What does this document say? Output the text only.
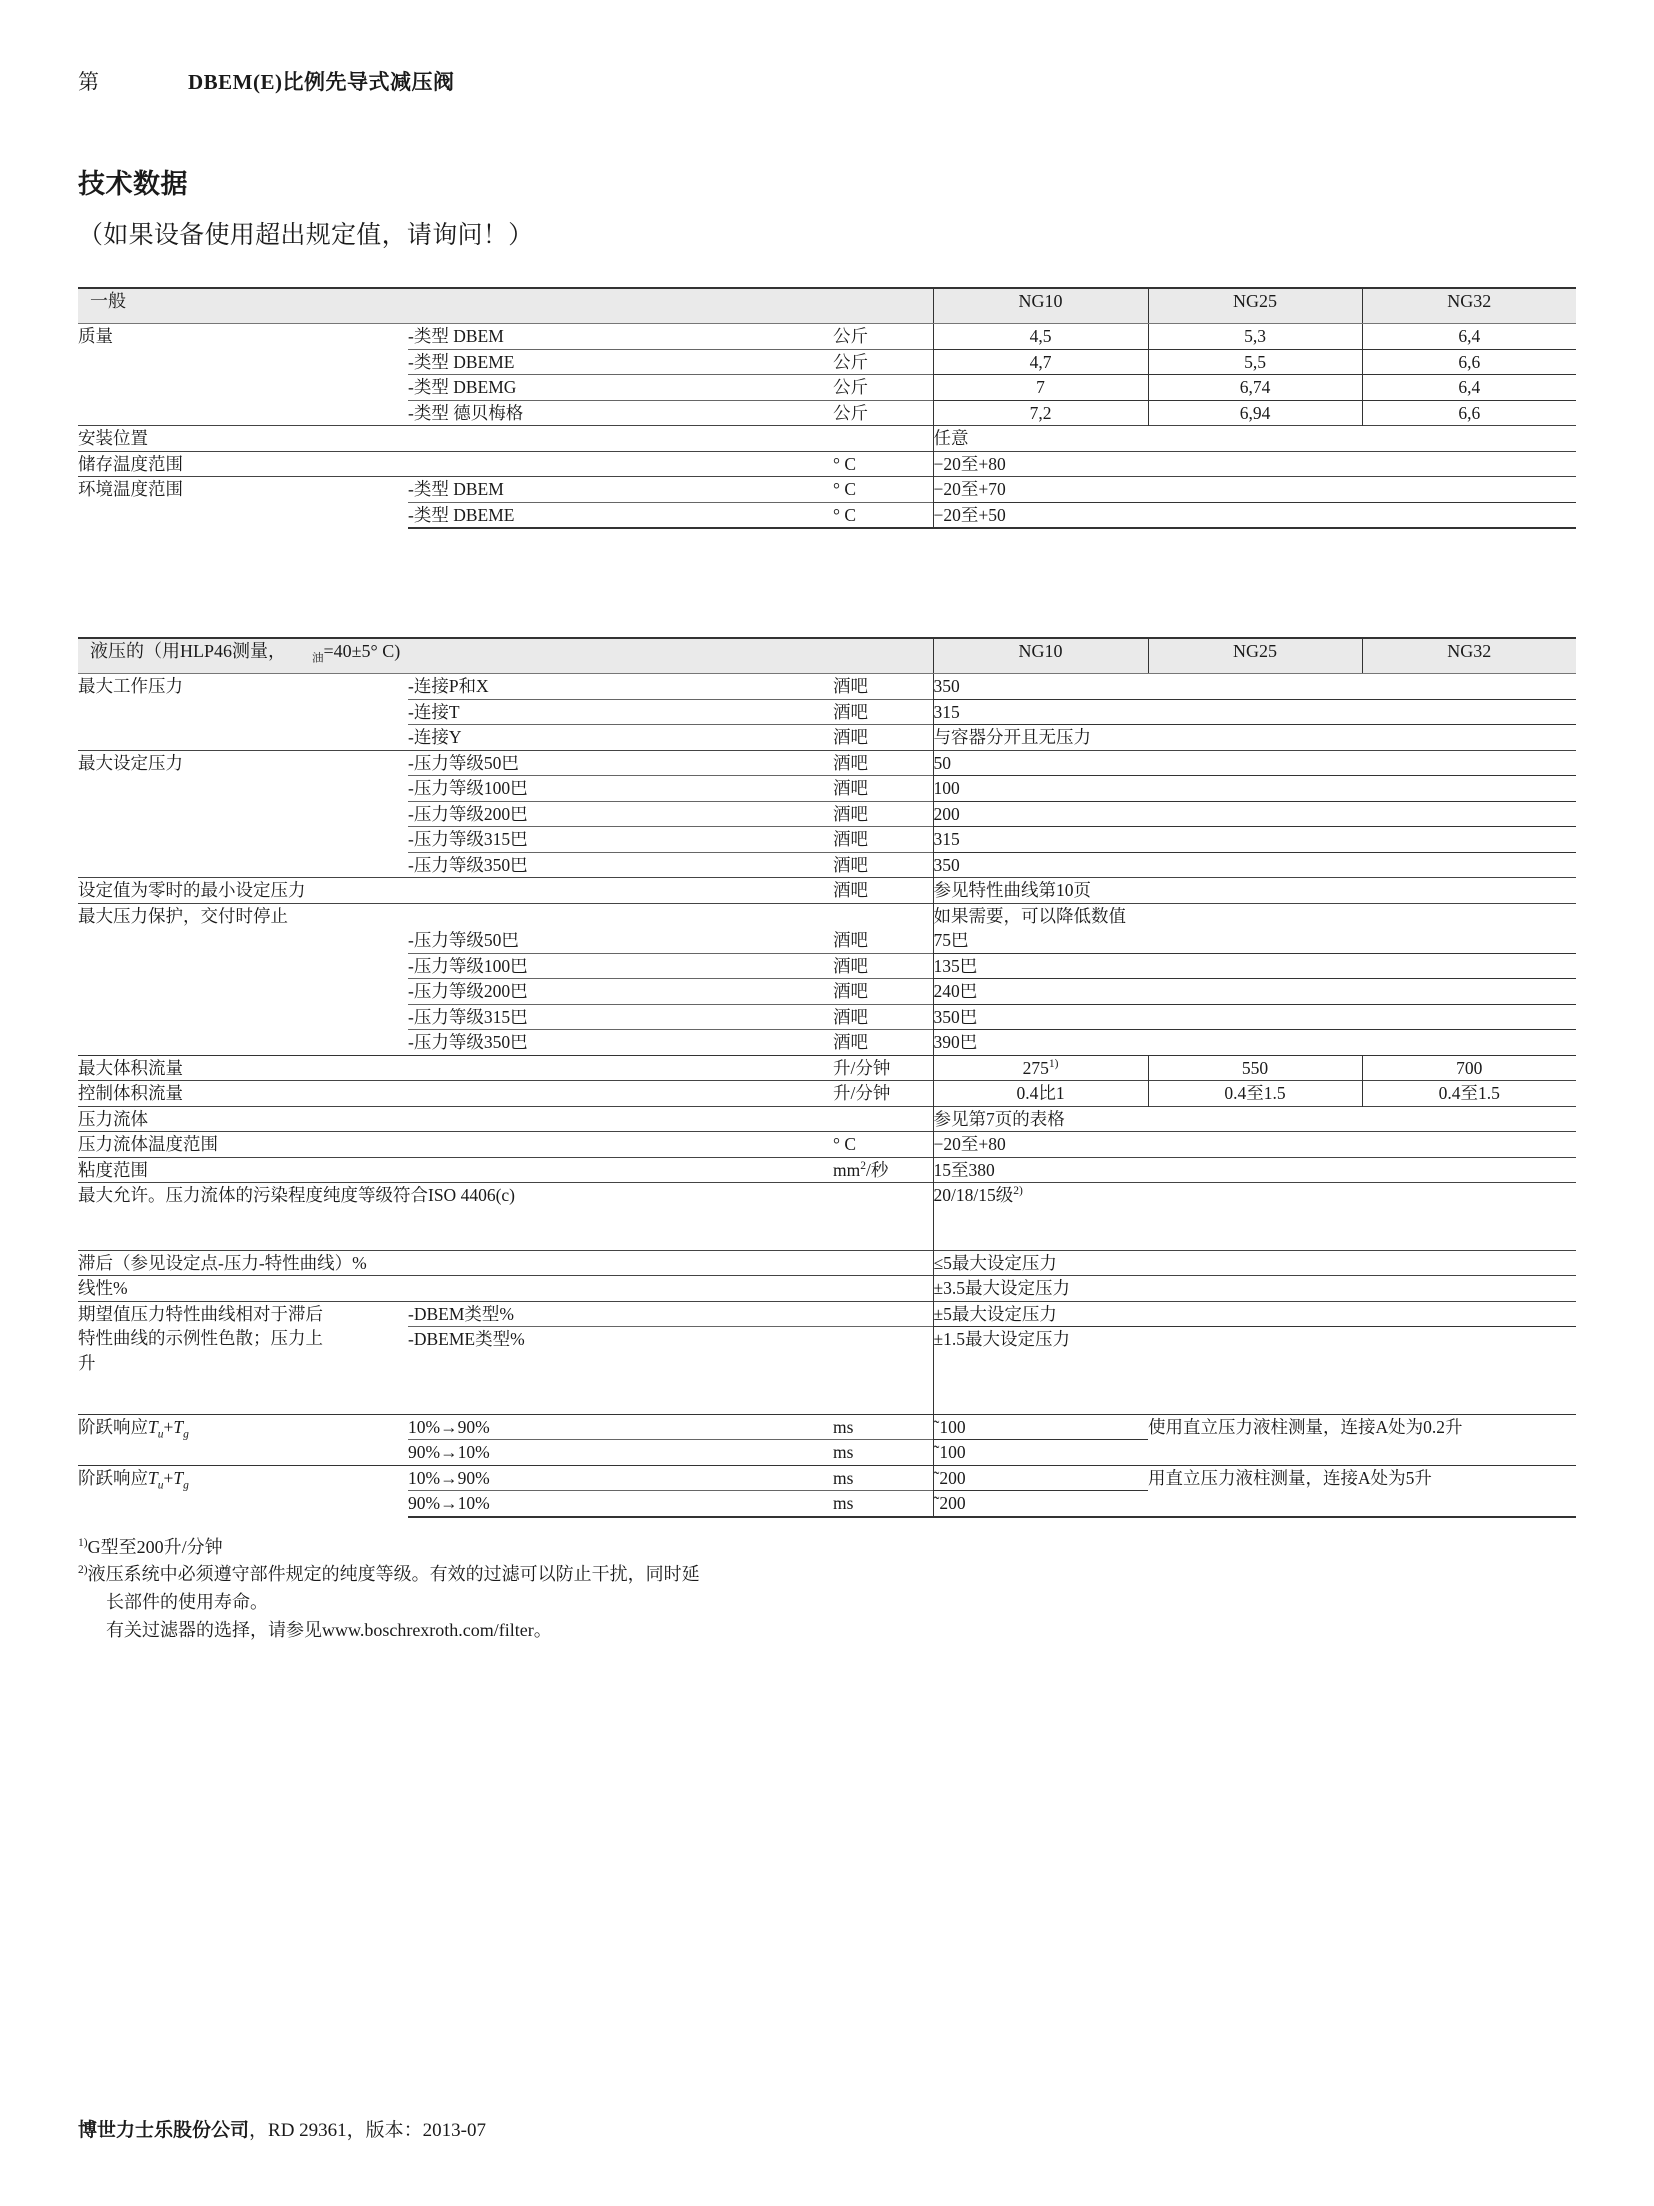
第	DBEM(E)比例先导式减压阀
技术数据
（如果设备使用超出规定值，请询问！）
一般			NG10	NG25	NG32
质量	-类型 DBEM	公斤	4,5	5,3	6,4
	-类型 DBEME	公斤	4,7	5,5	6,6
	-类型 DBEMG	公斤	7	6,74	6,4
	-类型 德贝梅格	公斤	7,2	6,94	6,6
安装位置			任意		
储存温度范围		° C	−20至+80		
环境温度范围	-类型 DBEM	° C	−20至+70		
	-类型 DBEME	° C	−20至+50		
液压的（用HLP46测量， $_油$=40±5° C)			NG10	NG25	NG32
最大工作压力	-连接P和X	酒吧	350		
	-连接T	酒吧	315		
	-连接Y	酒吧	与容器分开且无压力		
最大设定压力	-压力等级50巴	酒吧	50		
	-压力等级100巴	酒吧	100		
	-压力等级200巴	酒吧	200		
	-压力等级315巴	酒吧	315		
	-压力等级350巴	酒吧	350		
设定值为零时的最小设定压力		酒吧	参见特性曲线第10页		
最大压力保护，交付时停止			如果需要，可以降低数值		
	-压力等级50巴	酒吧	75巴		
	-压力等级100巴	酒吧	135巴		
	-压力等级200巴	酒吧	240巴		
	-压力等级315巴	酒吧	350巴		
	-压力等级350巴	酒吧	390巴		
最大体积流量		升/分钟	275$^{1)}$	550	700
控制体积流量		升/分钟	0.4比1	0.4至1.5	0.4至1.5
压力流体			参见第7页的表格		
压力流体温度范围		° C	−20至+80		
粘度范围		mm$^2$/秒	15至380		
最大允许。压力流体的污染程度纯度等级符合ISO 4406(c)			20/18/15级$^{2)}$
滞后（参见设定点-压力-特性曲线）%			≤5最大设定压力		
线性%			±3.5最大设定压力		
期望值压力特性曲线相对于滞后
特性曲线的示例性色散；压力上
升	-DBEM类型%		±5最大设定压力		
	-DBEME类型%		±1.5最大设定压力		
阶跃响应$T_u+T_g$	10%→90%	ms	˜100	使用直立压力液柱测量，连接A处为0.2升	
	90%→10%	ms	˜100		
阶跃响应$T_u+T_g$	10%→90%	ms	˜200	用直立压力液柱测量，连接A处为5升	
	90%→10%	ms	˜200		
$^{1)}$G型至200升/分钟
$^{2)}$液压系统中必须遵守部件规定的纯度等级。有效的过滤可以防止干扰，同时延
长部件的使用寿命。
有关过滤器的选择，请参见www.boschrexroth.com/filter。
博世力士乐股份公司，RD 29361，版本：2013-07
